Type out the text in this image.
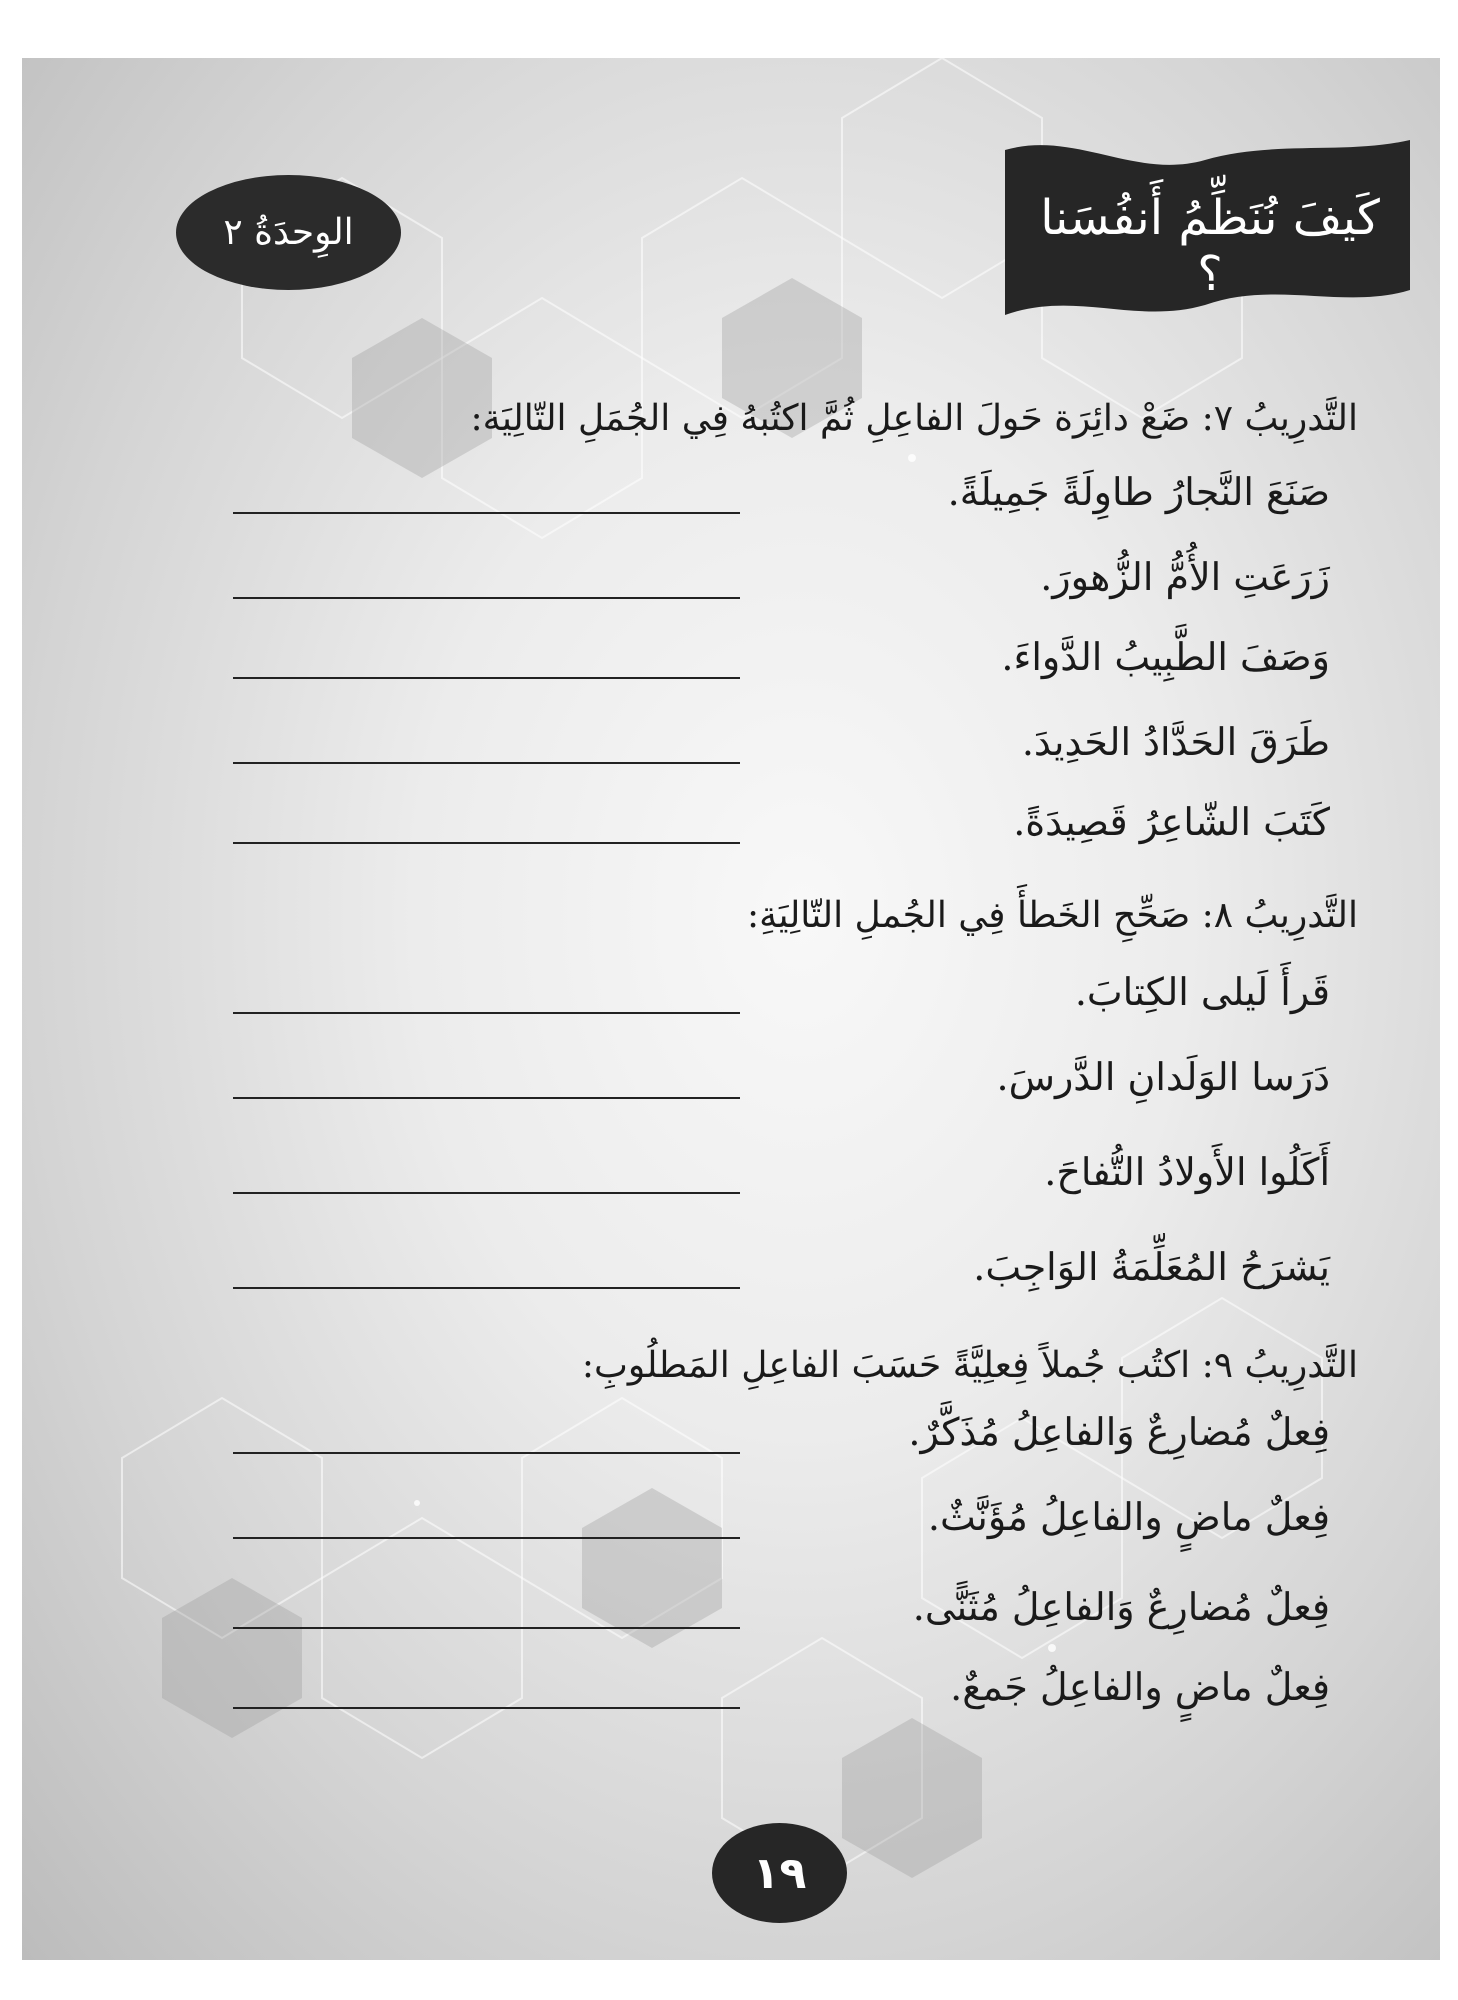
كَيفَ نُنَظِّمُ أَنفُسَنا ؟
الوِحدَةُ ٢
التَّدرِيبُ ٧: ضَعْ دائِرَة حَولَ الفاعِلِ ثُمَّ اكتُبهُ فِي الجُمَلِ التّالِيَة:
صَنَعَ النَّجارُ طاوِلَةً جَمِيلَةً.
زَرَعَتِ الأُمُّ الزُّهورَ.
وَصَفَ الطَّبِيبُ الدَّواءَ.
طَرَقَ الحَدَّادُ الحَدِيدَ.
كَتَبَ الشّاعِرُ قَصِيدَةً.
التَّدرِيبُ ٨: صَحِّحِ الخَطأَ فِي الجُملِ التّالِيَةِ:
قَرأَ لَيلى الكِتابَ.
دَرَسا الوَلَدانِ الدَّرسَ.
أَكَلُوا الأَولادُ التُّفاحَ.
يَشرَحُ المُعَلِّمَةُ الوَاجِبَ.
التَّدرِيبُ ٩: اكتُب جُملاً فِعلِيَّةً حَسَبَ الفاعِلِ المَطلُوبِ:
فِعلٌ مُضارِعٌ وَالفاعِلُ مُذَكَّرٌ.
فِعلٌ ماضٍ والفاعِلُ مُؤَنَّثٌ.
فِعلٌ مُضارِعٌ وَالفاعِلُ مُثَنًّى.
فِعلٌ ماضٍ والفاعِلُ جَمعٌ.
١٩
